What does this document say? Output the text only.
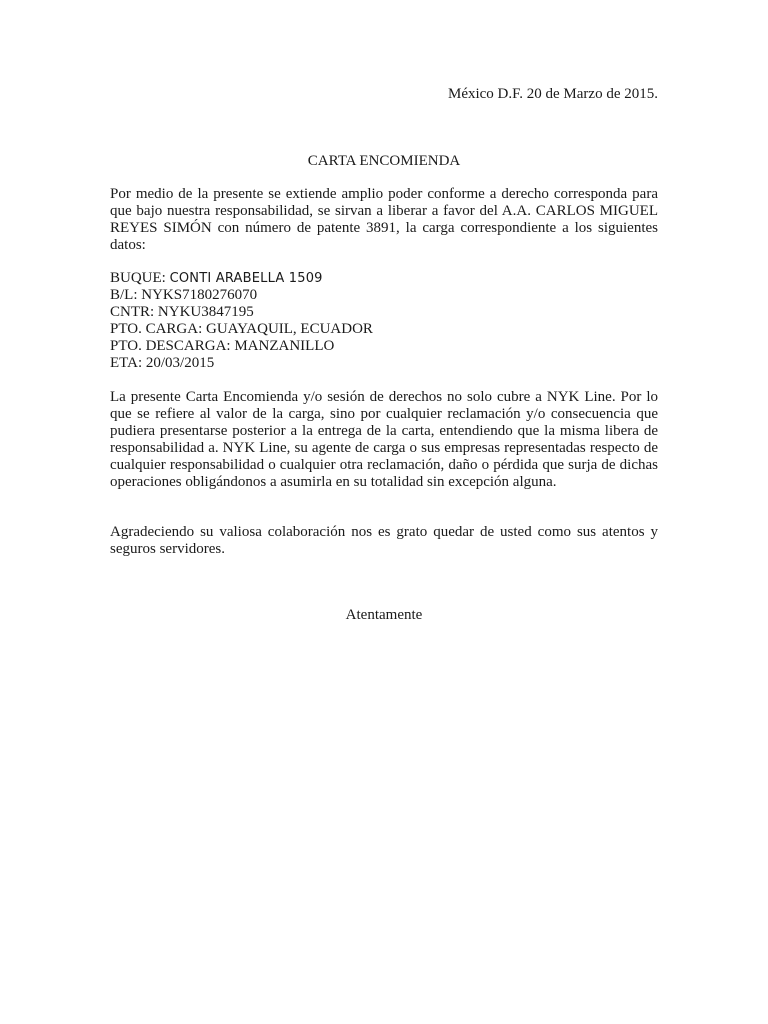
México D.F. 20 de Marzo de 2015.
CARTA ENCOMIENDA
Por medio de la presente se extiende amplio poder conforme a derecho corresponda para que bajo nuestra responsabilidad, se sirvan a liberar a favor del A.A. CARLOS MIGUEL REYES SIMÓN con número de patente 3891, la carga correspondiente a los siguientes datos:
BUQUE: CONTI ARABELLA 1509
B/L: NYKS7180276070
CNTR: NYKU3847195
PTO. CARGA: GUAYAQUIL, ECUADOR
PTO. DESCARGA: MANZANILLO
ETA: 20/03/2015
La presente Carta Encomienda y/o sesión de derechos no solo cubre a NYK Line. Por lo que se refiere al valor de la carga, sino por cualquier reclamación y/o consecuencia que pudiera presentarse posterior a la entrega de la carta, entendiendo que la misma libera de responsabilidad a. NYK Line, su agente de carga o sus empresas representadas respecto de cualquier responsabilidad o cualquier otra reclamación, daño o pérdida que surja de dichas operaciones obligándonos a asumirla en su totalidad sin excepción alguna.
Agradeciendo su valiosa colaboración nos es grato quedar de usted como sus atentos y seguros servidores.
Atentamente
